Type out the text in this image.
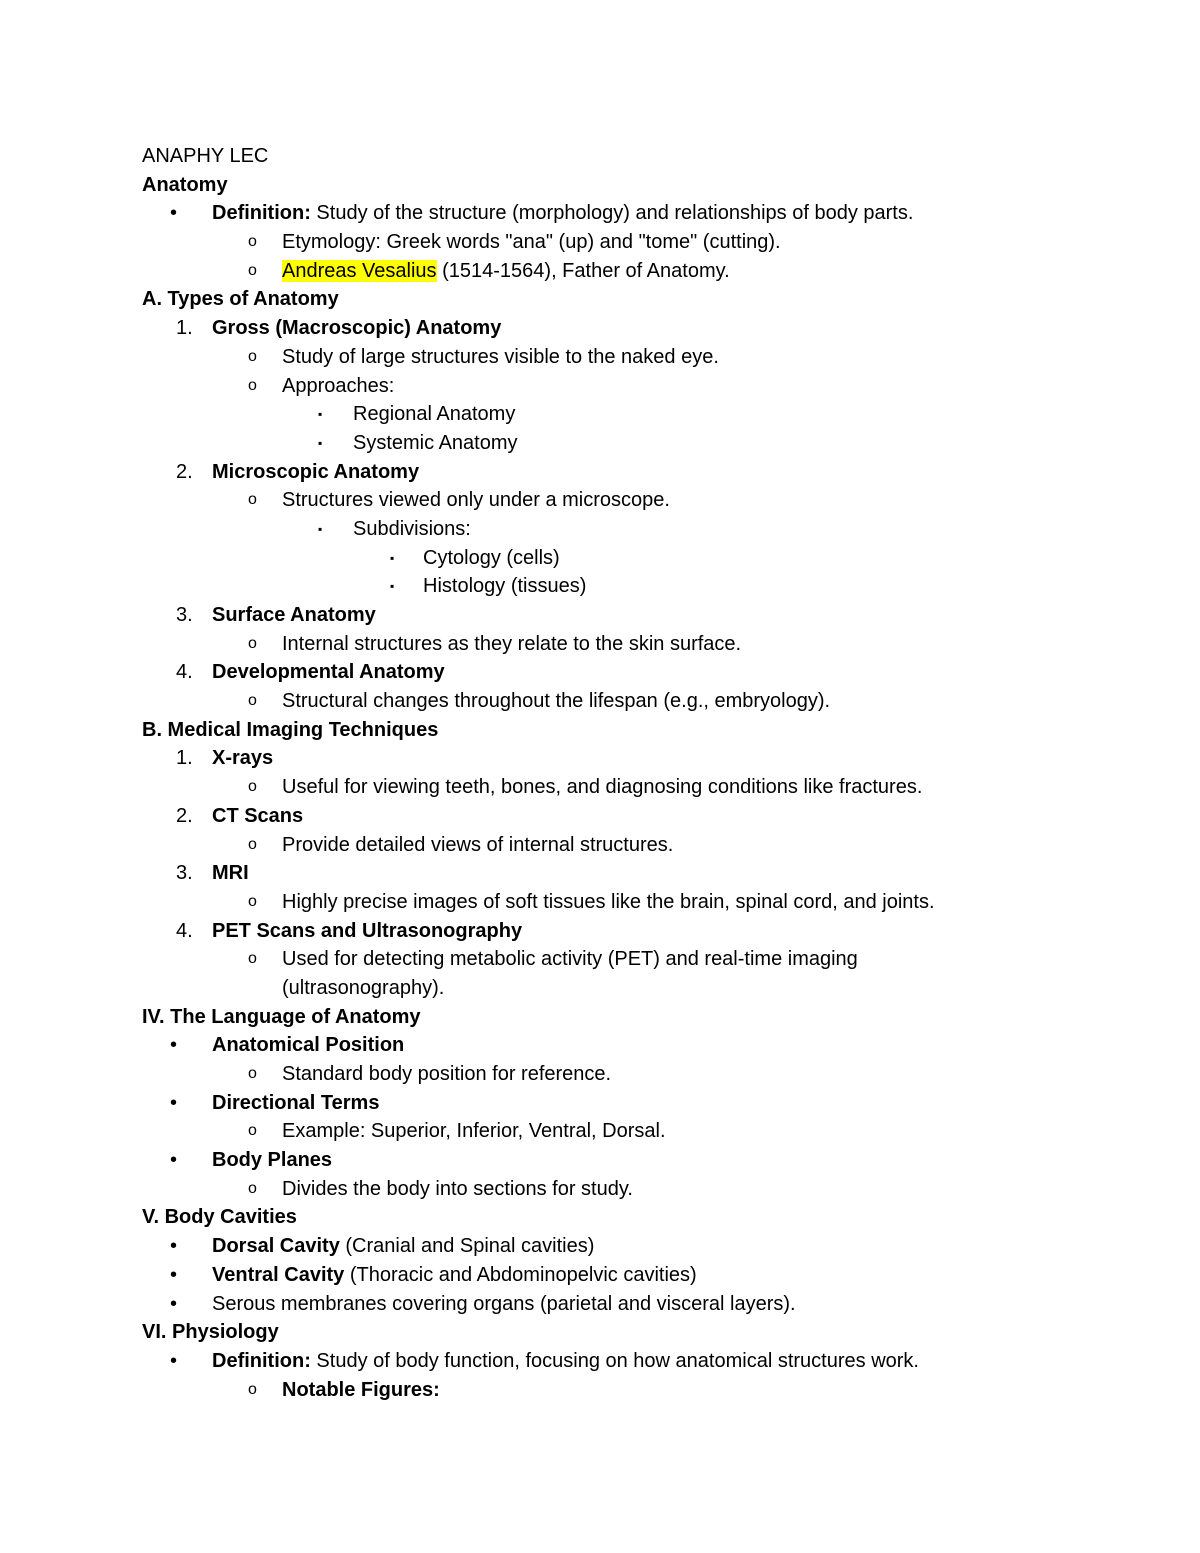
ANAPHY LEC
Anatomy
• Definition: Study of the structure (morphology) and relationships of body parts.
o Etymology: Greek words "ana" (up) and "tome" (cutting).
o Andreas Vesalius (1514-1564), Father of Anatomy.
A. Types of Anatomy
1. Gross (Macroscopic) Anatomy
o Study of large structures visible to the naked eye.
o Approaches:
▪ Regional Anatomy
▪ Systemic Anatomy
2. Microscopic Anatomy
o Structures viewed only under a microscope.
▪ Subdivisions:
▪ Cytology (cells)
▪ Histology (tissues)
3. Surface Anatomy
o Internal structures as they relate to the skin surface.
4. Developmental Anatomy
o Structural changes throughout the lifespan (e.g., embryology).
B. Medical Imaging Techniques
1. X-rays
o Useful for viewing teeth, bones, and diagnosing conditions like fractures.
2. CT Scans
o Provide detailed views of internal structures.
3. MRI
o Highly precise images of soft tissues like the brain, spinal cord, and joints.
4. PET Scans and Ultrasonography
o Used for detecting metabolic activity (PET) and real-time imaging (ultrasonography).
IV. The Language of Anatomy
• Anatomical Position
o Standard body position for reference.
• Directional Terms
o Example: Superior, Inferior, Ventral, Dorsal.
• Body Planes
o Divides the body into sections for study.
V. Body Cavities
• Dorsal Cavity (Cranial and Spinal cavities)
• Ventral Cavity (Thoracic and Abdominopelvic cavities)
• Serous membranes covering organs (parietal and visceral layers).
VI. Physiology
• Definition: Study of body function, focusing on how anatomical structures work.
o Notable Figures:
